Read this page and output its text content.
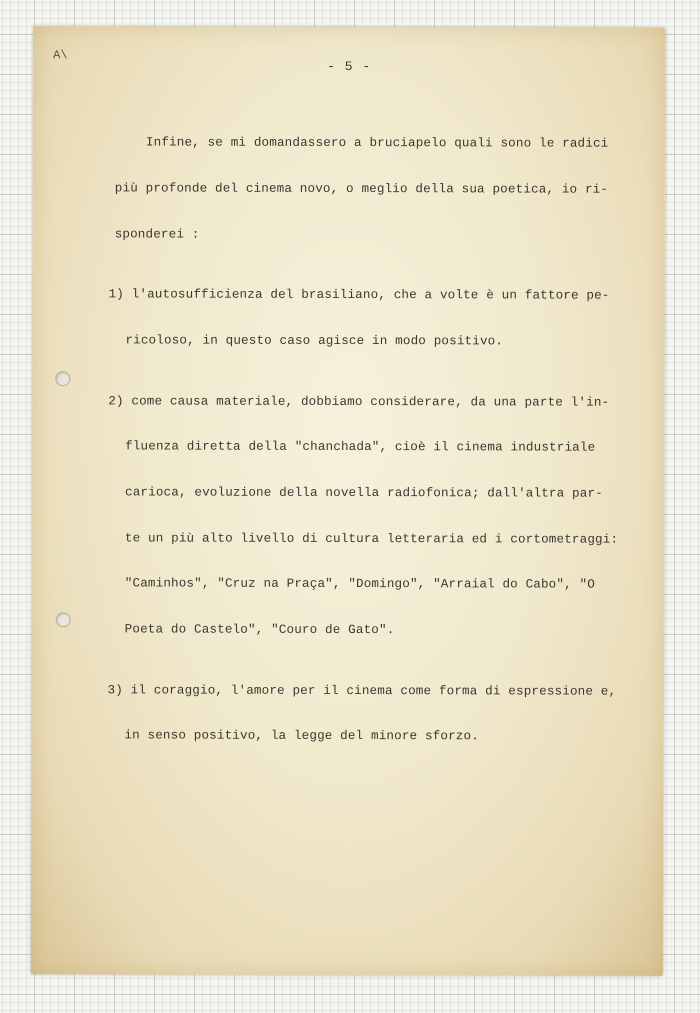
A\
- 5 -

Infine, se mi domandassero a bruciapelo quali sono le radici

più profonde del cinema novo, o meglio della sua poetica, io ri-

sponderei :

1) l'autosufficienza del brasiliano, che a volte è un fattore pe-

ricoloso, in questo caso agisce in modo positivo.

2) come causa materiale, dobbiamo considerare, da una parte l'in-

fluenza diretta della "chanchada", cioè il cinema industriale

carioca, evoluzione della novella radiofonica; dall'altra par-

te un più alto livello di cultura letteraria ed i cortometraggi:

"Caminhos", "Cruz na Praça", "Domingo", "Arraial do Cabo", "O

Poeta do Castelo", "Couro de Gato".

3) il coraggio, l'amore per il cinema come forma di espressione e,

in senso positivo, la legge del minore sforzo.
